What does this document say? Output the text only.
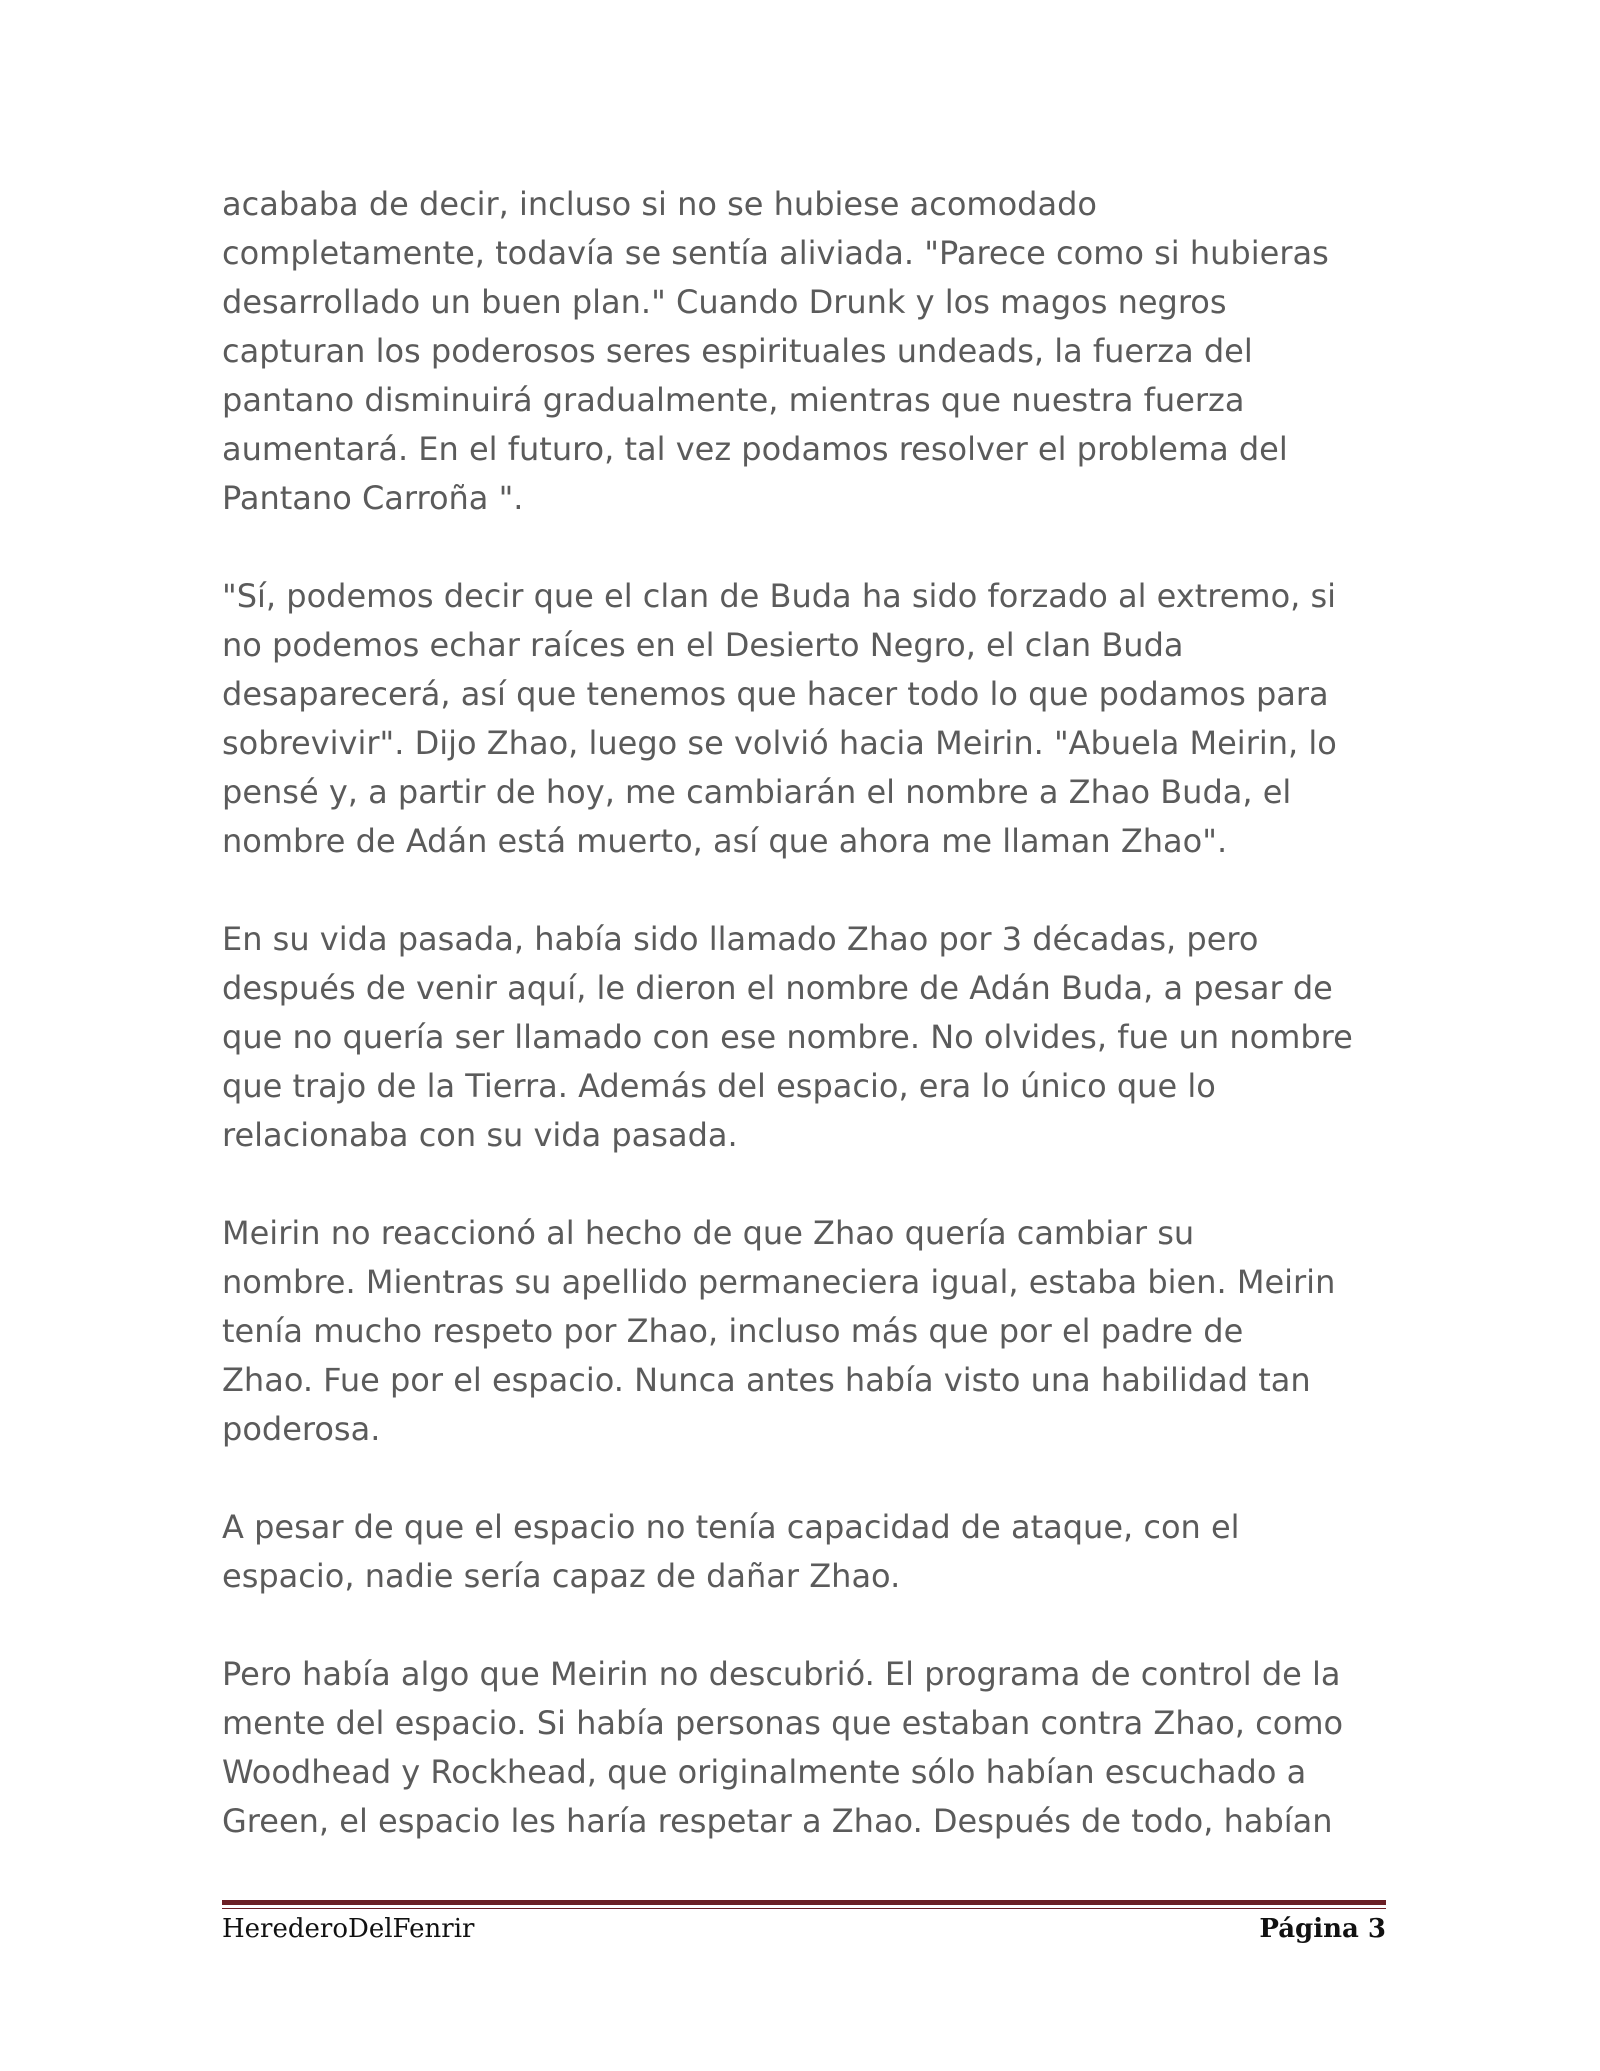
acababa de decir, incluso si no se hubiese acomodado
completamente, todavía se sentía aliviada. "Parece como si hubieras
desarrollado un buen plan." Cuando Drunk y los magos negros
capturan los poderosos seres espirituales undeads, la fuerza del
pantano disminuirá gradualmente, mientras que nuestra fuerza
aumentará. En el futuro, tal vez podamos resolver el problema del
Pantano Carroña ".

"Sí, podemos decir que el clan de Buda ha sido forzado al extremo, si
no podemos echar raíces en el Desierto Negro, el clan Buda
desaparecerá, así que tenemos que hacer todo lo que podamos para
sobrevivir". Dijo Zhao, luego se volvió hacia Meirin. "Abuela Meirin, lo
pensé y, a partir de hoy, me cambiarán el nombre a Zhao Buda, el
nombre de Adán está muerto, así que ahora me llaman Zhao".

En su vida pasada, había sido llamado Zhao por 3 décadas, pero
después de venir aquí, le dieron el nombre de Adán Buda, a pesar de
que no quería ser llamado con ese nombre. No olvides, fue un nombre
que trajo de la Tierra. Además del espacio, era lo único que lo
relacionaba con su vida pasada.

Meirin no reaccionó al hecho de que Zhao quería cambiar su
nombre. Mientras su apellido permaneciera igual, estaba bien. Meirin
tenía mucho respeto por Zhao, incluso más que por el padre de
Zhao. Fue por el espacio. Nunca antes había visto una habilidad tan
poderosa.

A pesar de que el espacio no tenía capacidad de ataque, con el
espacio, nadie sería capaz de dañar Zhao.

Pero había algo que Meirin no descubrió. El programa de control de la
mente del espacio. Si había personas que estaban contra Zhao, como
Woodhead y Rockhead, que originalmente sólo habían escuchado a
Green, el espacio les haría respetar a Zhao. Después de todo, habían

HerederoDelFenrir	Página 3
